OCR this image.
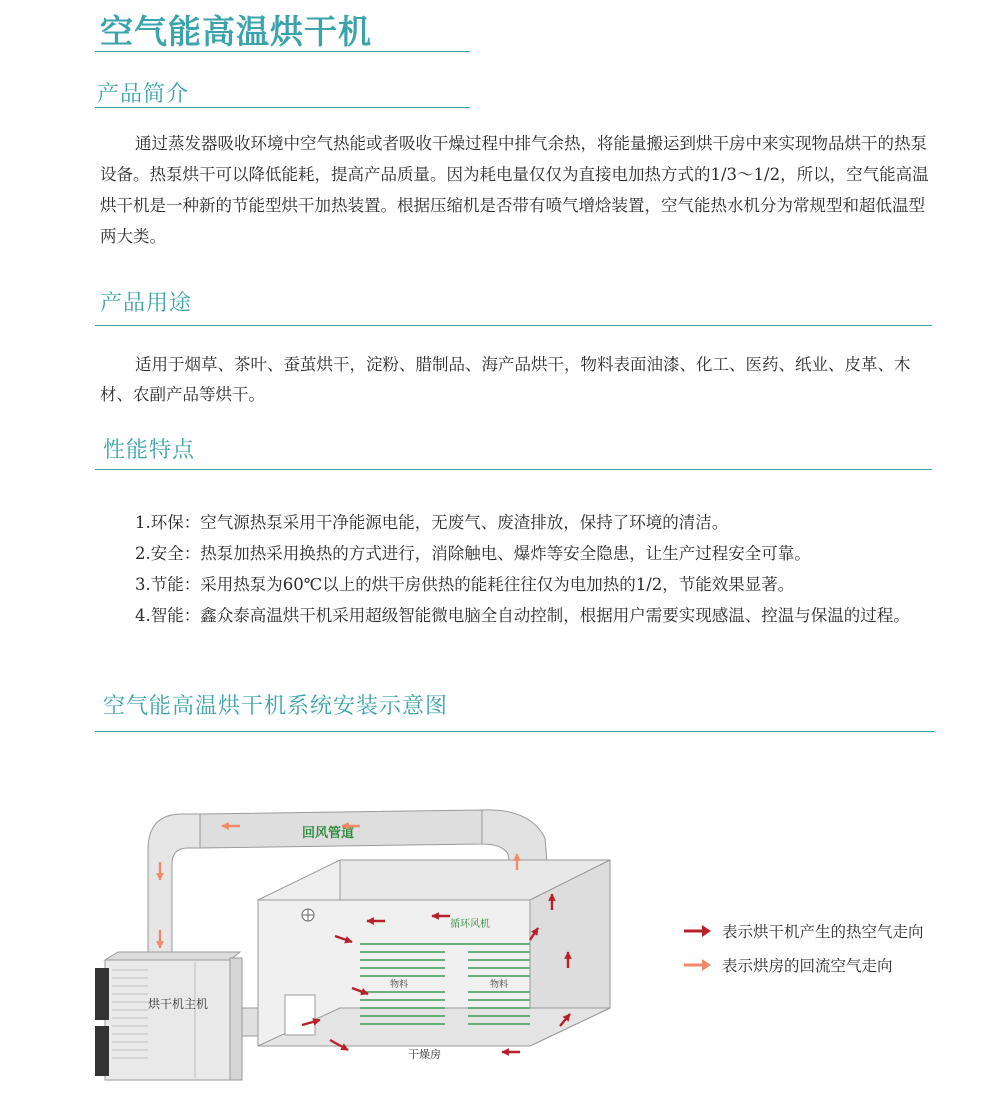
空气能高温烘干机
产品简介

通过蒸发器吸收环境中空气热能或者吸收干燥过程中排气余热，将能量搬运到烘干房中来实现物品烘干的热泵设备。热泵烘干可以降低能耗，提高产品质量。因为耗电量仅仅为直接电加热方式的1/3～1/2，所以，空气能高温烘干机是一种新的节能型烘干加热装置。根据压缩机是否带有喷气增焓装置，空气能热水机分为常规型和超低温型两大类。

产品用途

适用于烟草、茶叶、蚕茧烘干，淀粉、腊制品、海产品烘干，物料表面油漆、化工、医药、纸业、皮革、木材、农副产品等烘干。

性能特点
1.环保：空气源热泵采用干净能源电能，无废气、废渣排放，保持了环境的清洁。
2.安全：热泵加热采用换热的方式进行，消除触电、爆炸等安全隐患，让生产过程安全可靠。
3.节能：采用热泵为60℃以上的烘干房供热的能耗往往仅为电加热的1/2，节能效果显著。
4.智能：鑫众泰高温烘干机采用超级智能微电脑全自动控制，根据用户需要实现感温、控温与保温的过程。
空气能高温烘干机系统安装示意图
回风管道
循环风机
物料	物料
烘干机主机
干燥房
表示烘干机产生的热空气走向
表示烘房的回流空气走向
